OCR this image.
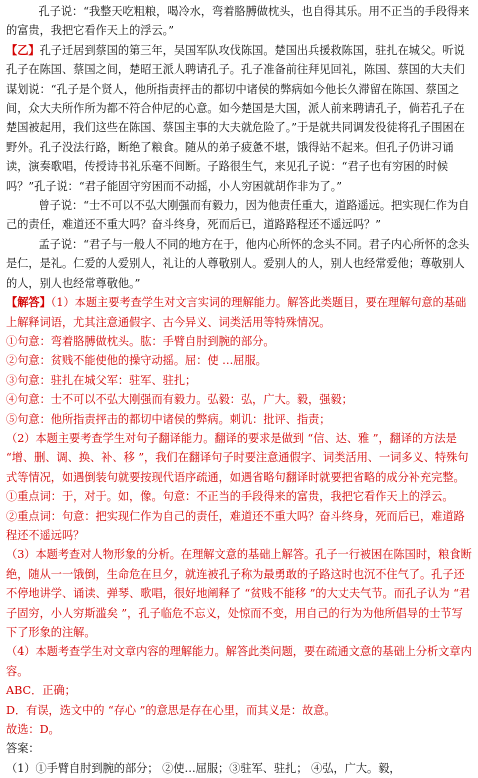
孔子说：“我整天吃粗粮，喝冷水，弯着胳膊做枕头，也自得其乐。用不正当的手段得来的富贵，我把它看作天上的浮云。”

【乙】孔子迁居到蔡国的第三年，吴国军队攻伐陈国。楚国出兵援救陈国，驻扎在城父。听说孔子在陈国、蔡国之间，楚昭王派人聘请孔子。孔子准备前往拜见回礼，陈国、蔡国的大夫们谋划说：“孔子是个贤人，他所指责抨击的都切中诸侯的弊病如今他长久滞留在陈国、蔡国之间，众大夫所作所为都不符合仲尼的心意。如今楚国是大国，派人前来聘请孔子，倘若孔子在楚国被起用，我们这些在陈国、蔡国主事的大夫就危险了。”于是就共同调发役徒将孔子围困在野外。孔子没法行路，断绝了粮食。随从的弟子疲惫不堪，饿得站不起来。但孔子仍讲习诵读，演奏歌唱，传授诗书礼乐毫不间断。子路很生气，来见孔子说：“君子也有穷困的时候吗？”孔子说：“君子能固守穷困而不动摇，小人穷困就胡作非为了。”

曾子说：“士不可以不弘大刚强而有毅力，因为他责任重大，道路遥远。把实现仁作为自己的责任，难道还不重大吗？奋斗终身，死而后已，道路路程还不遥远吗？”

孟子说：“君子与一般人不同的地方在于，他内心所怀的念头不同。君子内心所怀的念头是仁，是礼。仁爱的人爱别人，礼让的人尊敬别人。爱别人的人，别人也经常爱他；尊敬别人的人，别人也经常尊敬他。”

【解答】（1）本题主要考查学生对文言实词的理解能力。解答此类题目，要在理解句意的基础上解释词语，尤其注意通假字、古今异义、词类活用等特殊情况。

①句意：弯着胳膊做枕头。肱：手臂自肘到腕的部分。

②句意：贫贱不能使他的操守动摇。屈：使 …屈服。

③句意：驻扎在城父军：驻军、驻扎；

④句意：士不可以不弘大刚强而有毅力。弘毅：弘，广大。毅，强毅；

⑤句意：他所指责抨击的都切中诸侯的弊病。刺讥：批评、指责；

（2）本题主要考查学生对句子翻译能力。翻译的要求是做到 “信、达、雅 ”，翻译的方法是 “增、删、调、换、补、移 ”，我们在翻译句子时要注意通假字、词类活用、一词多义、特殊句式等情况，如遇倒装句就要按现代语序疏通，如遇省略句翻译时就要把省略的成分补充完整。

①重点词：于，对于。如，像。句意：不正当的手段得来的富贵，我把它看作天上的浮云。

②重点词：句意：把实现仁作为自己的责任，难道还不重大吗？奋斗终身，死而后已，难道路程还不遥远吗？

（3）本题考查对人物形象的分析。在理解文意的基础上解答。孔子一行被困在陈国时，粮食断绝，随从一一饿倒，生命危在旦夕，就连被孔子称为最勇敢的子路这时也沉不住气了。孔子还不停地讲学、诵读、弹琴、歌唱，很好地阐释了 “贫贱不能移 ”的大丈夫气节。而孔子认为 “君子固穷，小人穷斯滥矣 ”，孔子临危不忘义，处惊而不变，用自己的行为为他所倡导的士节写下了形象的注解。

（4）本题考查学生对文章内容的理解能力。解答此类问题，要在疏通文意的基础上分析文章内容。

ABC．正确；

D．有误，选文中的 “存心 ”的意思是存在心里，而其义是：故意。

故选：D。

答案：

（1）①手臂自肘到腕的部分； ②使…屈服；③驻军、驻扎； ④弘，广大。毅，
